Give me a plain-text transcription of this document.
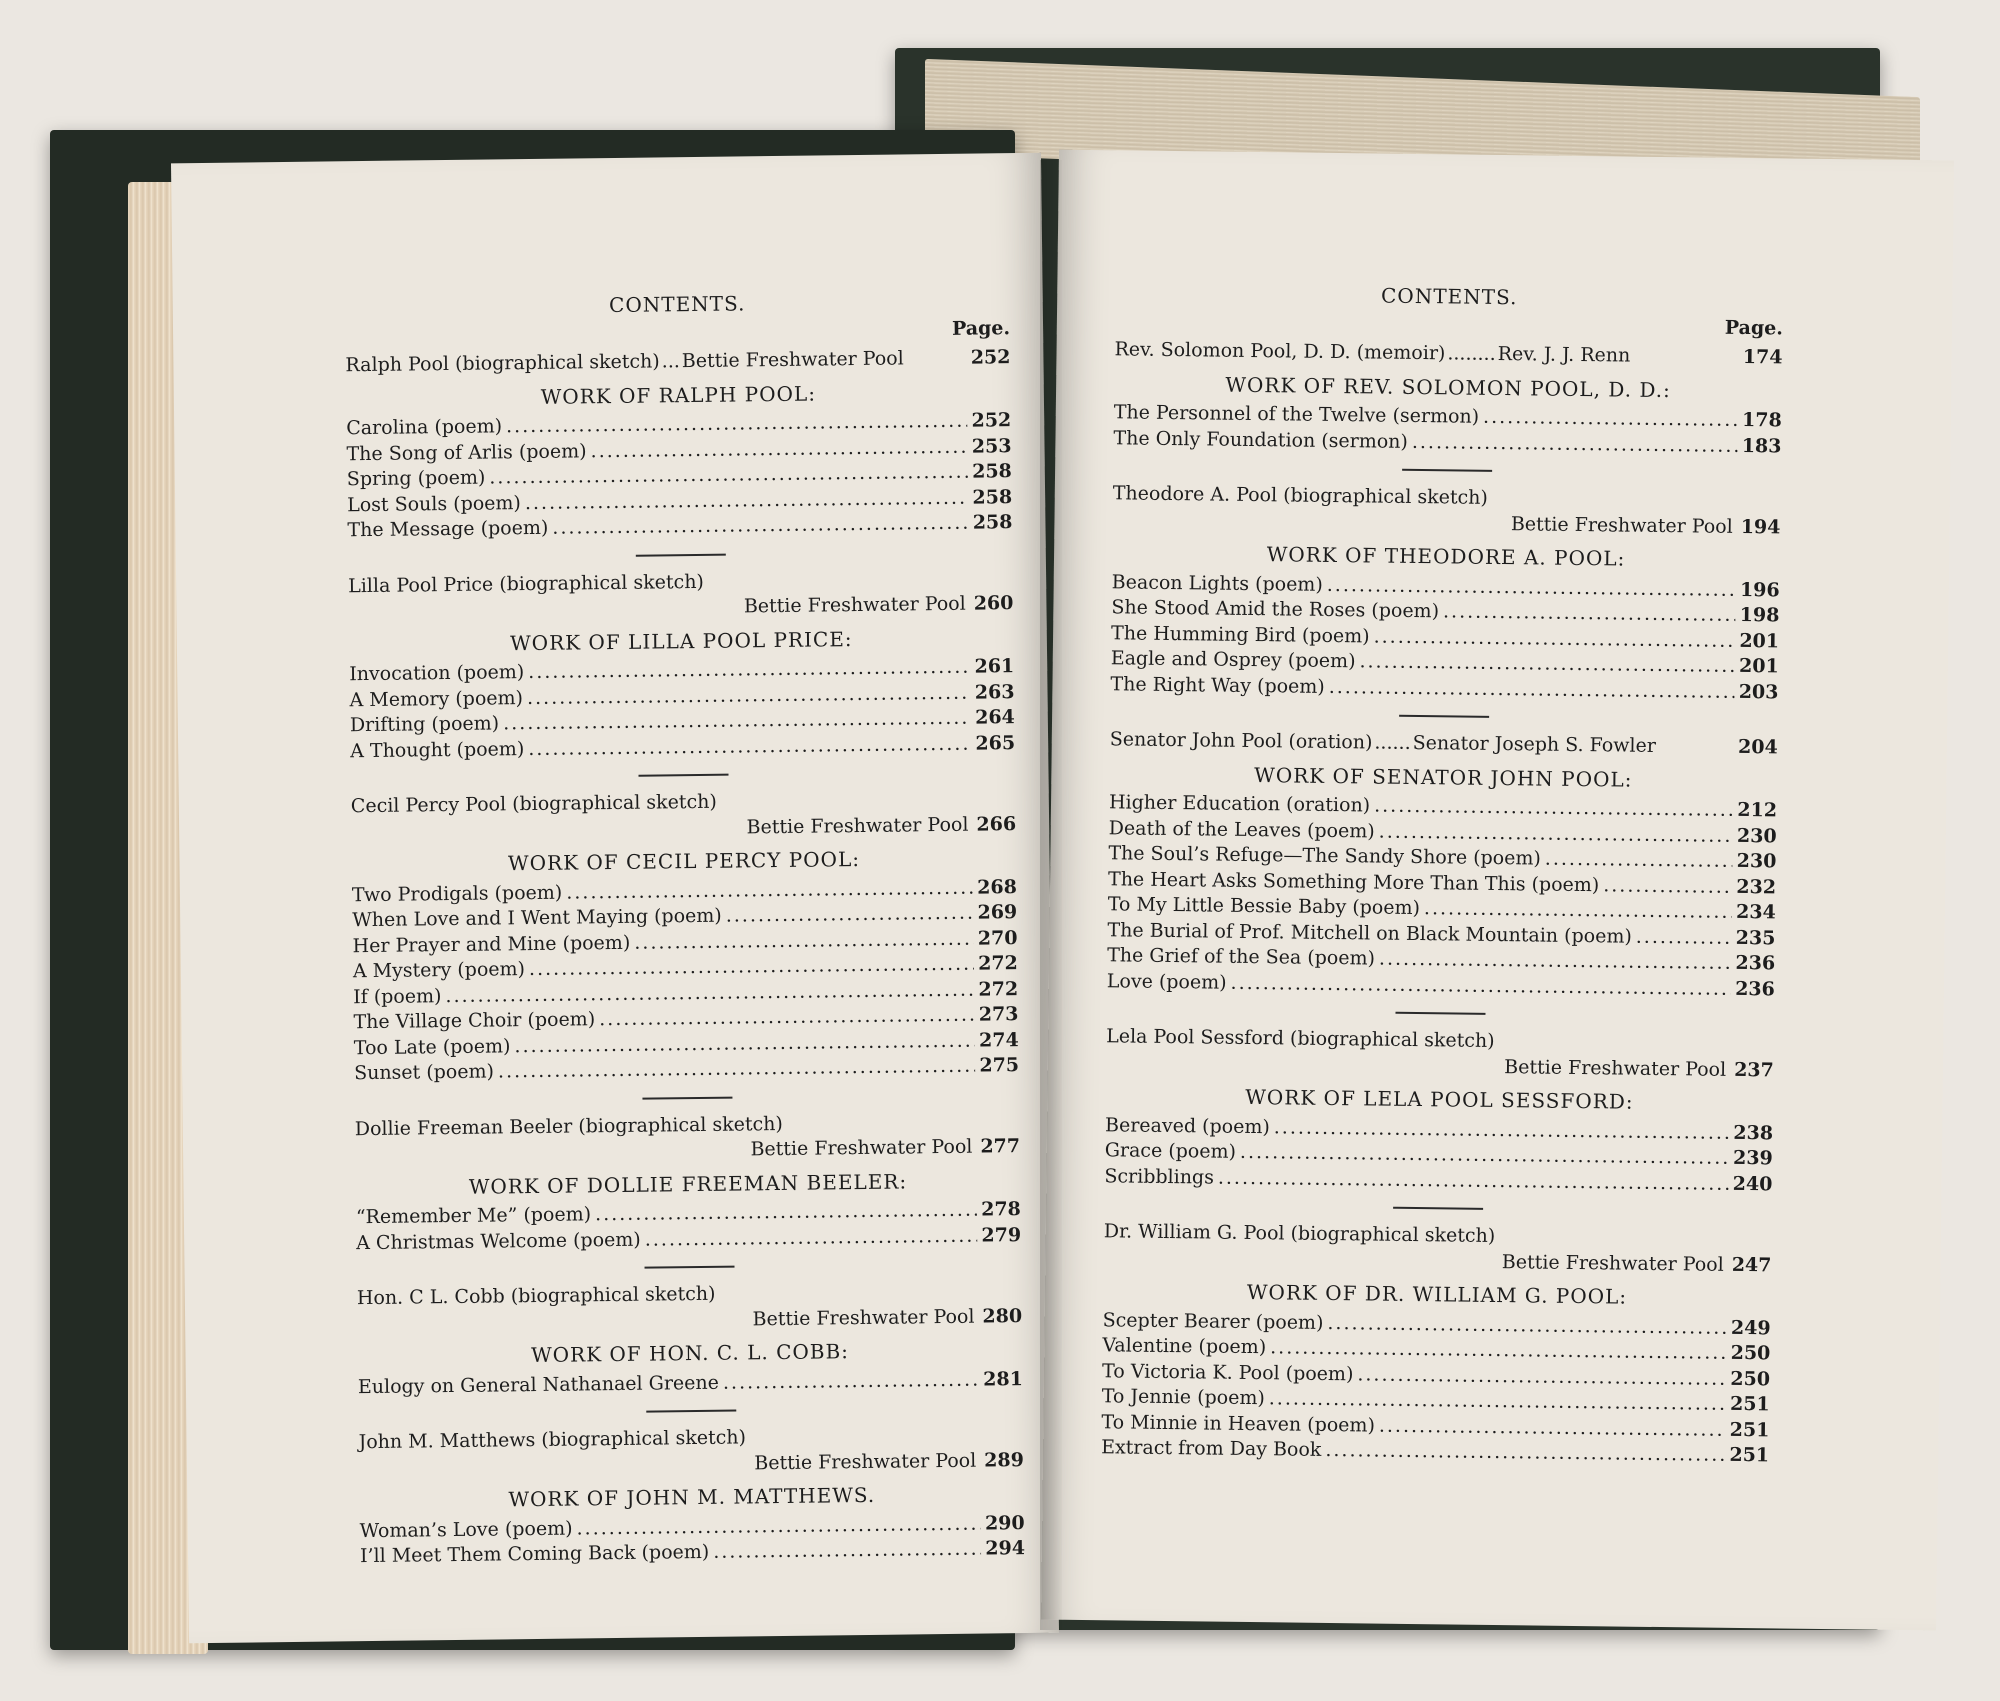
CONTENTS.
Page.
Ralph Pool (biographical sketch) ... Bettie Freshwater Pool	252
WORK OF RALPH POOL:
Carolina (poem) .....	252
The Song of Arlis (poem) .....	253
Spring (poem) .....	258
Lost Souls (poem) .....	258
The Message (poem) .....	258
Lilla Pool Price (biographical sketch)
Bettie Freshwater Pool 260
WORK OF LILLA POOL PRICE:
Invocation (poem) .....	261
A Memory (poem) .....	263
Drifting (poem) .....	264
A Thought (poem) .....	265
Cecil Percy Pool (biographical sketch)
Bettie Freshwater Pool 266
WORK OF CECIL PERCY POOL:
Two Prodigals (poem) .....	268
When Love and I Went Maying (poem) .....	269
Her Prayer and Mine (poem) .....	270
A Mystery (poem) .....	272
If (poem) .....	272
The Village Choir (poem) .....	273
Too Late (poem) .....	274
Sunset (poem) .....	275
Dollie Freeman Beeler (biographical sketch)
Bettie Freshwater Pool 277
WORK OF DOLLIE FREEMAN BEELER:
“Remember Me” (poem) .....	278
A Christmas Welcome (poem) .....	279
Hon. C L. Cobb (biographical sketch)
Bettie Freshwater Pool 280
WORK OF HON. C. L. COBB:
Eulogy on General Nathanael Greene .....	281
John M. Matthews (biographical sketch)
Bettie Freshwater Pool 289
WORK OF JOHN M. MATTHEWS.
Woman’s Love (poem) .....	290
I’ll Meet Them Coming Back (poem) .....	294
CONTENTS.
Page.
Rev. Solomon Pool, D. D. (memoir) ........ Rev. J. J. Renn	174
WORK OF REV. SOLOMON POOL, D. D.:
The Personnel of the Twelve (sermon) .....	178
The Only Foundation (sermon) .....	183
Theodore A. Pool (biographical sketch)
Bettie Freshwater Pool 194
WORK OF THEODORE A. POOL:
Beacon Lights (poem) .....	196
She Stood Amid the Roses (poem) .....	198
The Humming Bird (poem) .....	201
Eagle and Osprey (poem) .....	201
The Right Way (poem) .....	203
Senator John Pool (oration) ...... Senator Joseph S. Fowler	204
WORK OF SENATOR JOHN POOL:
Higher Education (oration) .....	212
Death of the Leaves (poem) .....	230
The Soul’s Refuge—The Sandy Shore (poem) .....	230
The Heart Asks Something More Than This (poem) .....	232
To My Little Bessie Baby (poem) .....	234
The Burial of Prof. Mitchell on Black Mountain (poem) .....	235
The Grief of the Sea (poem) .....	236
Love (poem) .....	236
Lela Pool Sessford (biographical sketch)
Bettie Freshwater Pool 237
WORK OF LELA POOL SESSFORD:
Bereaved (poem) .....	238
Grace (poem) .....	239
Scribblings .....	240
Dr. William G. Pool (biographical sketch)
Bettie Freshwater Pool 247
WORK OF DR. WILLIAM G. POOL:
Scepter Bearer (poem) .....	249
Valentine (poem) .....	250
To Victoria K. Pool (poem) .....	250
To Jennie (poem) .....	251
To Minnie in Heaven (poem) .....	251
Extract from Day Book .....	251
